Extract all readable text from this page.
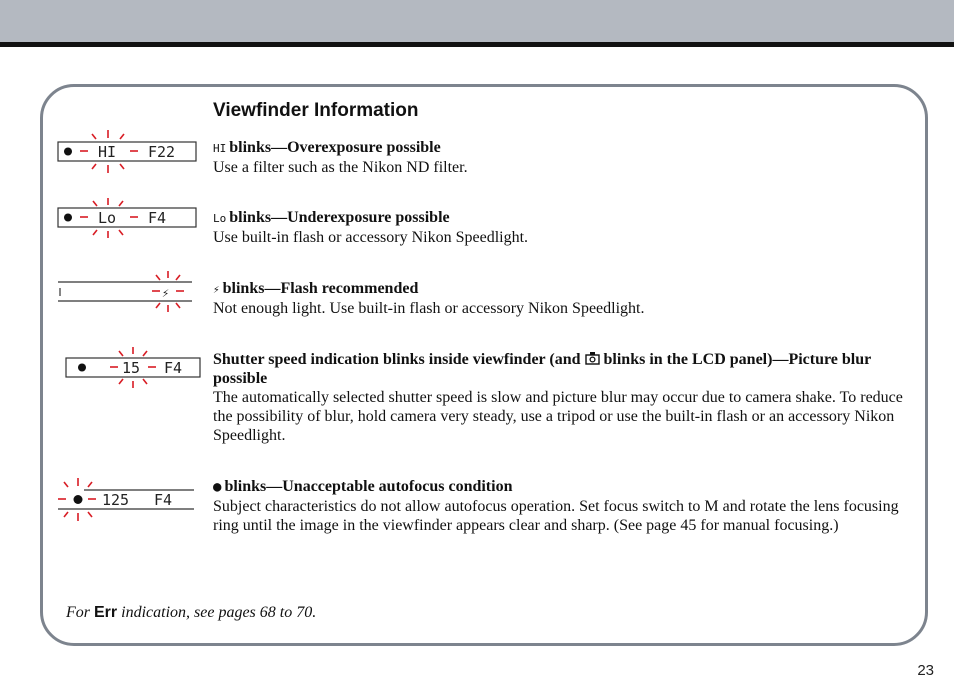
Viewfinder Information
HI F22
Lo F4
⚡
15 F4
125 F4
HI blinks—Overexposure possible
Use a filter such as the Nikon ND filter.
Lo blinks—Underexposure possible
Use built-in flash or accessory Nikon Speedlight.
⚡ blinks—Flash recommended
Not enough light. Use built-in flash or accessory Nikon Speedlight.
Shutter speed indication blinks inside viewfinder (and blinks in the LCD panel)—Picture blur possible
The automatically selected shutter speed is slow and picture blur may occur due to camera shake. To reduce the possibility of blur, hold camera very steady, use a tripod or use the built-in flash or an accessory Nikon Speedlight.
● blinks—Unacceptable autofocus condition
Subject characteristics do not allow autofocus operation. Set focus switch to M and rotate the lens focusing ring until the image in the viewfinder appears clear and sharp. (See page 45 for manual focusing.)
For Err indication, see pages 68 to 70.
23
